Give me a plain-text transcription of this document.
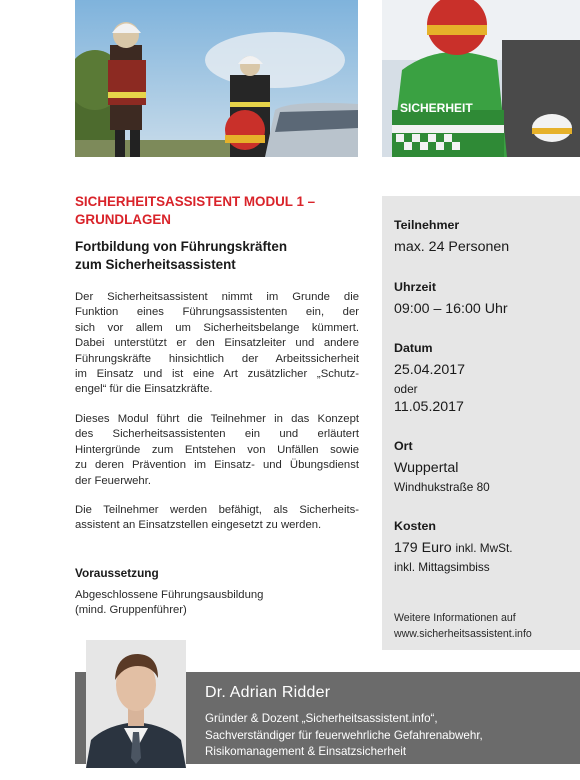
SICHERHEIT
SICHERHEITSASSISTENT MODUL 1 –
GRUNDLAGEN
Fortbildung von Führungskräften
zum Sicherheitsassistent

Der Sicherheitsassistent nimmt im Grunde die
Funktion eines Führungsassistenten ein, der
sich vor allem um Sicherheitsbelange kümmert.
Dabei unterstützt er den Einsatzleiter und andere
Führungskräfte hinsichtlich der Arbeitssicherheit
im Einsatz und ist eine Art zusätzlicher „Schutz-
engel“ für die Einsatzkräfte.

Dieses Modul führt die Teilnehmer in das Konzept
des Sicherheitsassistenten ein und erläutert
Hintergründe zum Entstehen von Unfällen sowie
zu deren Prävention im Einsatz- und Übungsdienst
der Feuerwehr.

Die Teilnehmer werden befähigt, als Sicherheits-
assistent an Einsatzstellen eingesetzt zu werden.

Voraussetzung

Abgeschlossene Führungsausbildung
(mind. Gruppenführer)

Teilnehmer

max. 24 Personen

Uhrzeit

09:00 – 16:00 Uhr

Datum

25.04.2017

oder

11.05.2017

Ort

Wuppertal

Windhukstraße 80

Kosten

179 Euro inkl. MwSt.

inkl. Mittagsimbiss

Weitere Informationen auf
www.sicherheitsassistent.info

Dr. Adrian Ridder

Gründer & Dozent „Sicherheitsassistent.info“,
Sachverständiger für feuerwehrliche Gefahrenabwehr,
Risikomanagement & Einsatzsicherheit
